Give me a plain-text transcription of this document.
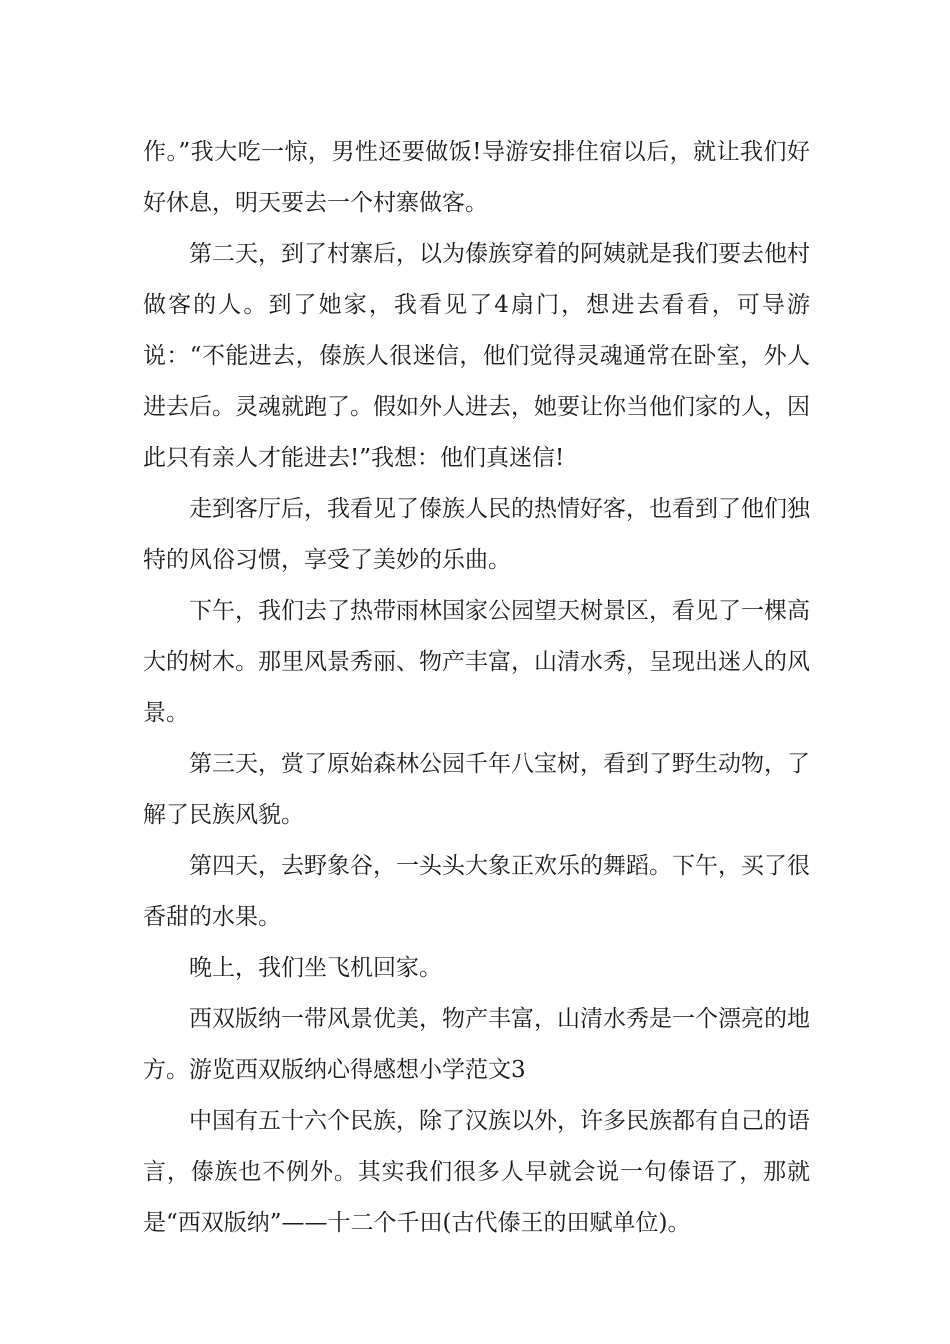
作。”我大吃一惊，男性还要做饭!导游安排住宿以后，就让我们好好休息，明天要去一个村寨做客。

第二天，到了村寨后，以为傣族穿着的阿姨就是我们要去他村做客的人。到了她家，我看见了4扇门，想进去看看，可导游说：“不能进去，傣族人很迷信，他们觉得灵魂通常在卧室，外人进去后。灵魂就跑了。假如外人进去，她要让你当他们家的人，因此只有亲人才能进去!”我想：他们真迷信!

走到客厅后，我看见了傣族人民的热情好客，也看到了他们独特的风俗习惯，享受了美妙的乐曲。

下午，我们去了热带雨林国家公园望天树景区，看见了一棵高大的树木。那里风景秀丽、物产丰富，山清水秀，呈现出迷人的风景。

第三天，赏了原始森林公园千年八宝树，看到了野生动物，了解了民族风貌。

第四天，去野象谷，一头头大象正欢乐的舞蹈。下午，买了很香甜的水果。

晚上，我们坐飞机回家。

西双版纳一带风景优美，物产丰富，山清水秀是一个漂亮的地方。游览西双版纳心得感想小学范文3

中国有五十六个民族，除了汉族以外，许多民族都有自己的语言，傣族也不例外。其实我们很多人早就会说一句傣语了，那就是“西双版纳”——十二个千田(古代傣王的田赋单位)。
